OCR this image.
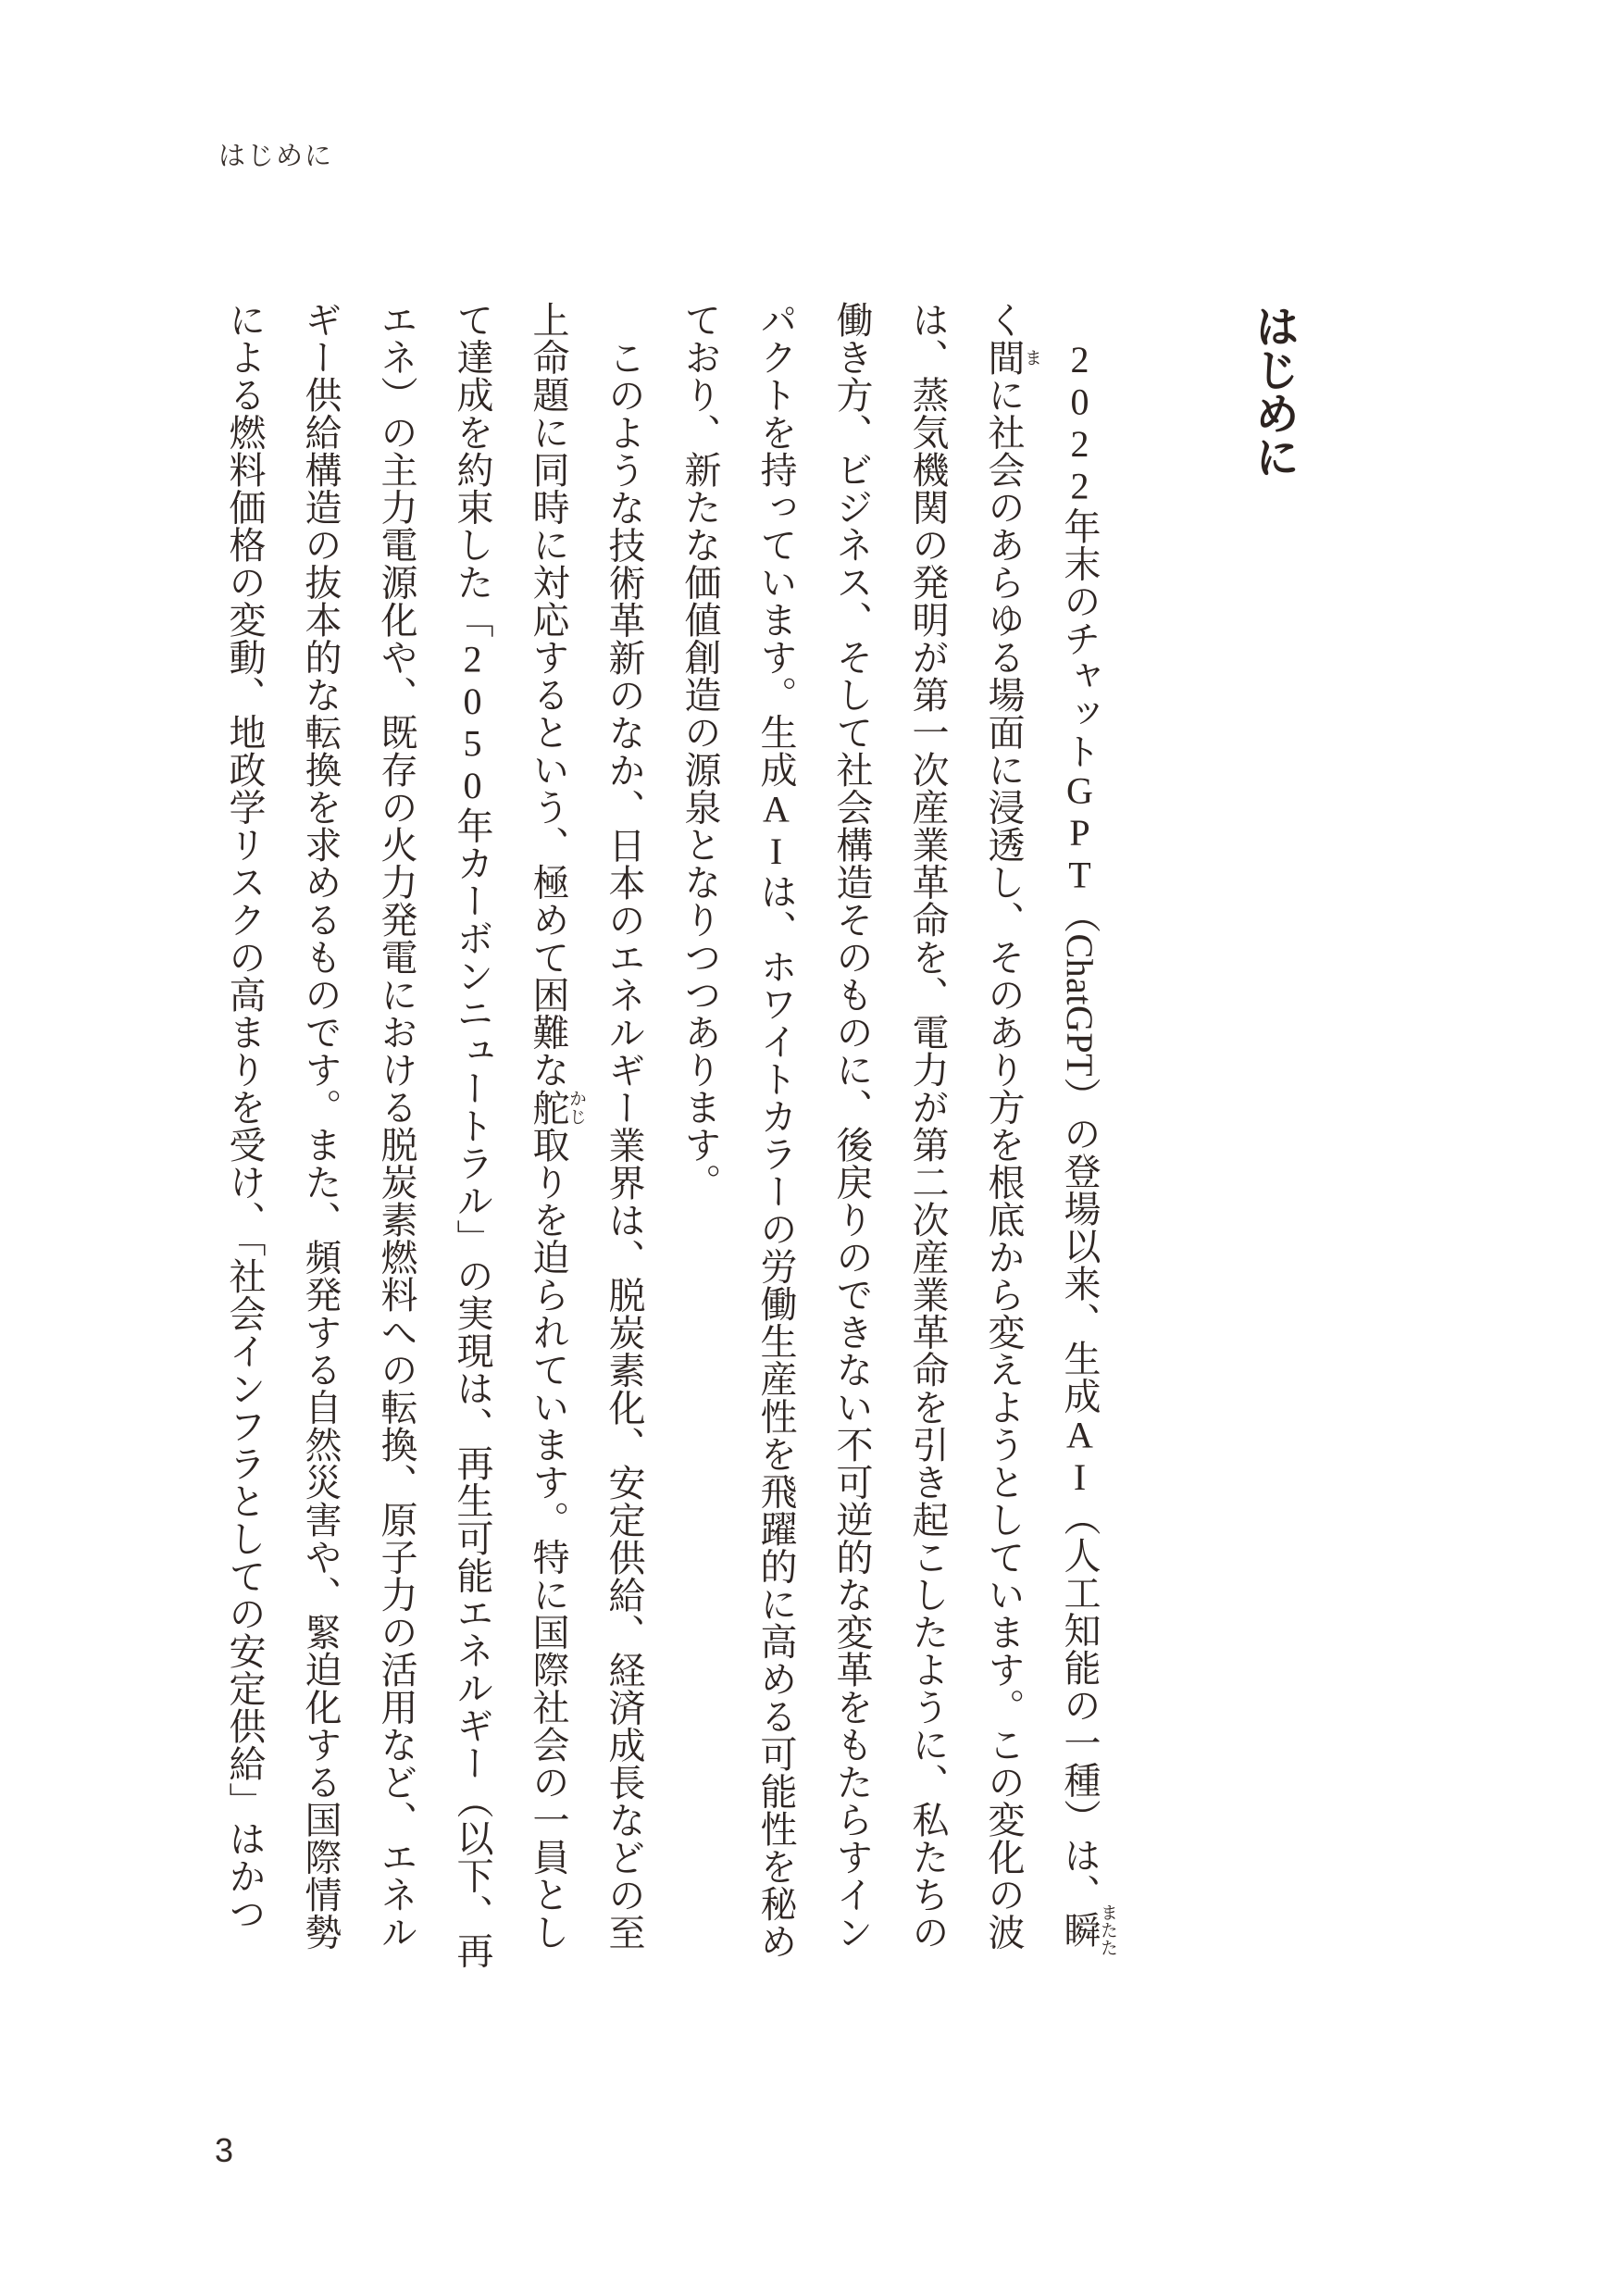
はじめに
はじめに
2022年末のチャットGPT（ChatGPT）の登場以来、生成AI（人工知能の一種）は、瞬またた
く間まに社会のあらゆる場面に浸透し、そのあり方を根底から変えようとしています。この変化の波
は、蒸気機関の発明が第一次産業革命を、電力が第二次産業革命を引き起こしたように、私たちの
働き方、ビジネス、そして社会構造そのものに、後戻りのできない不可逆的な変革をもたらすイン
パクトを持っています。生成AIは、ホワイトカラーの労働生産性を飛躍的に高める可能性を秘め
ており、新たな価値創造の源泉となりつつあります。
このような技術革新のなか、日本のエネルギー業界は、脱炭素化、安定供給、経済成長などの至
上命題に同時に対応するという、極めて困難な舵かじ取りを迫られています。特に国際社会の一員とし
て達成を約束した「2050年カーボンニュートラル」の実現は、再生可能エネルギー（以下、再
エネ）の主力電源化や、既存の火力発電における脱炭素燃料への転換、原子力の活用など、エネル
ギー供給構造の抜本的な転換を求めるものです。また、頻発する自然災害や、緊迫化する国際情勢
による燃料価格の変動、地政学リスクの高まりを受け、「社会インフラとしての安定供給」はかつ
3
